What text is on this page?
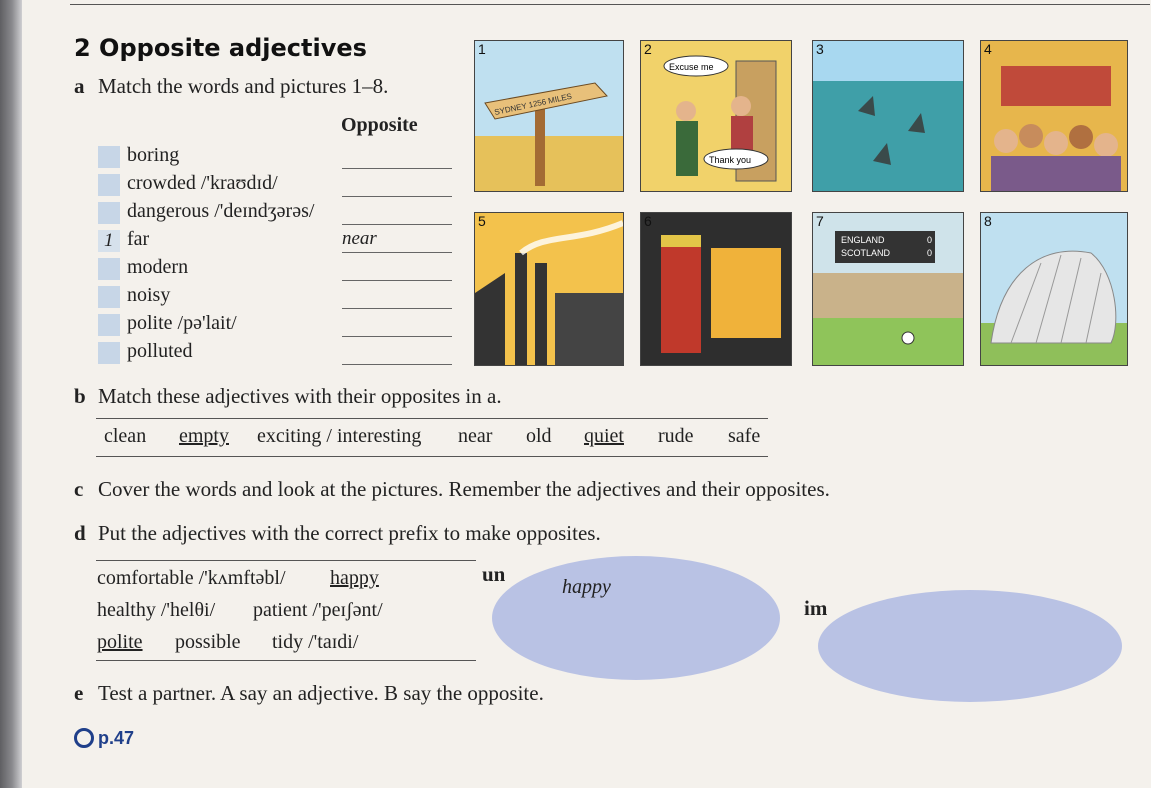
2 Opposite adjectives
a Match the words and pictures 1–8.
Opposite
boring
crowded /'kraʊdɪd/
dangerous /'deɪndʒərəs/
1 far	near
modern
noisy
polite /pə'lait/
polluted
SYDNEY 1256 MILES
1
Excuse me
Thank you
2	3	4
5	6
ENGLAND	0
SCOTLAND	0
7	8
b Match these adjectives with their opposites in a.
clean empty exciting / interesting near old quiet rude safe
c Cover the words and look at the pictures. Remember the adjectives and their opposites.
d Put the adjectives with the correct prefix to make opposites.
un
happy
im
comfortable /'kʌmftəbl/ happy
healthy /'helθi/ patient /'peɪʃənt/
polite possible tidy /'taɪdi/
e Test a partner. A say an adjective. B say the opposite.
p.47
